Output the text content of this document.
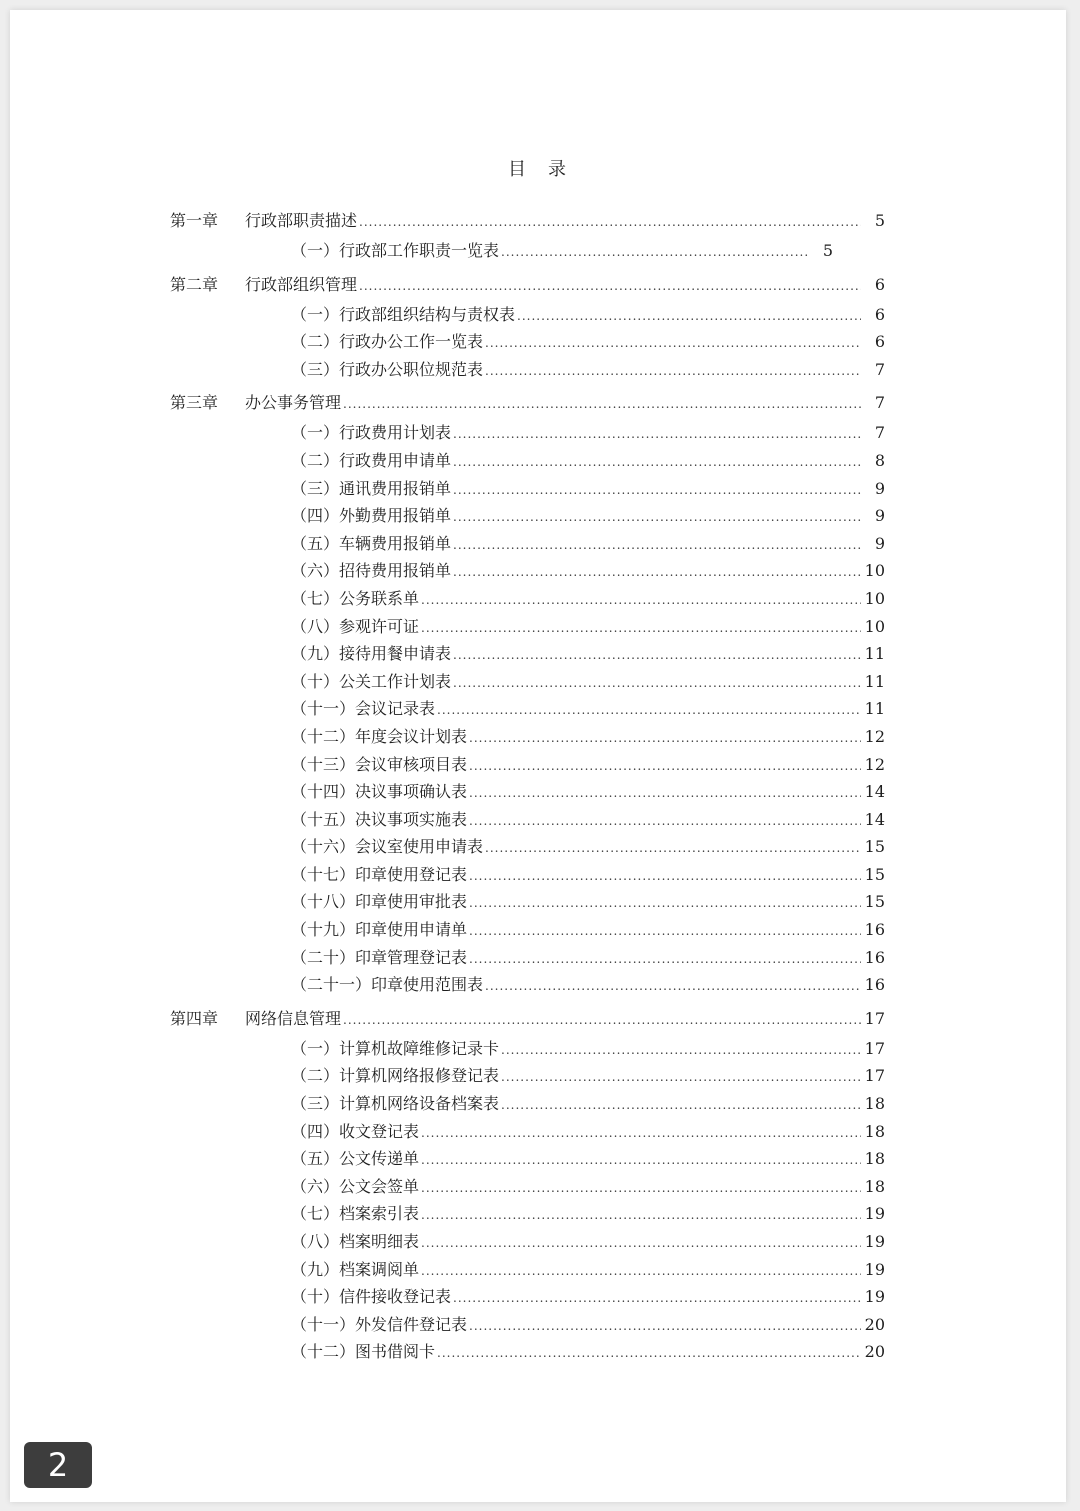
目　录
第一章	行政部职责描述 .....	5
（一）行政部工作职责一览表 .....	5
第二章	行政部组织管理 .....	6
（一）行政部组织结构与责权表 .....	6
（二）行政办公工作一览表 .....	6
（三）行政办公职位规范表 .....	7
第三章	办公事务管理 .....	7
（一）行政费用计划表 .....	7
（二）行政费用申请单 .....	8
（三）通讯费用报销单 .....	9
（四）外勤费用报销单 .....	9
（五）车辆费用报销单 .....	9
（六）招待费用报销单 .....	10
（七）公务联系单 .....	10
（八）参观许可证 .....	10
（九）接待用餐申请表 .....	11
（十）公关工作计划表 .....	11
（十一）会议记录表 .....	11
（十二）年度会议计划表 .....	12
（十三）会议审核项目表 .....	12
（十四）决议事项确认表 .....	14
（十五）决议事项实施表 .....	14
（十六）会议室使用申请表 .....	15
（十七）印章使用登记表 .....	15
（十八）印章使用审批表 .....	15
（十九）印章使用申请单 .....	16
（二十）印章管理登记表 .....	16
（二十一）印章使用范围表 .....	16
第四章	网络信息管理 .....	17
（一）计算机故障维修记录卡 .....	17
（二）计算机网络报修登记表 .....	17
（三）计算机网络设备档案表 .....	18
（四）收文登记表 .....	18
（五）公文传递单 .....	18
（六）公文会签单 .....	18
（七）档案索引表 .....	19
（八）档案明细表 .....	19
（九）档案调阅单 .....	19
（十）信件接收登记表 .....	19
（十一）外发信件登记表 .....	20
（十二）图书借阅卡 .....	20
2
